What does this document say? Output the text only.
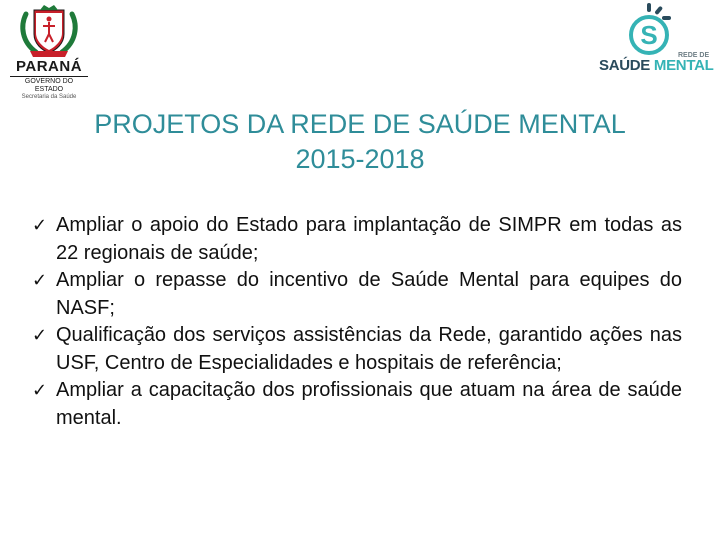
PARANÁ
GOVERNO DO ESTADO
Secretaria da Saúde
S
REDE DE
SAÚDE MENTAL
PROJETOS DA REDE DE SAÚDE MENTAL
2015-2018
✓ Ampliar o apoio do Estado para implantação de SIMPR em todas as 22 regionais de saúde;
✓ Ampliar o repasse do incentivo de Saúde Mental para equipes do NASF;
✓ Qualificação dos serviços assistências da Rede, garantido ações nas USF, Centro de Especialidades e hospitais de referência;
✓ Ampliar a capacitação dos profissionais que atuam na área de saúde mental.
